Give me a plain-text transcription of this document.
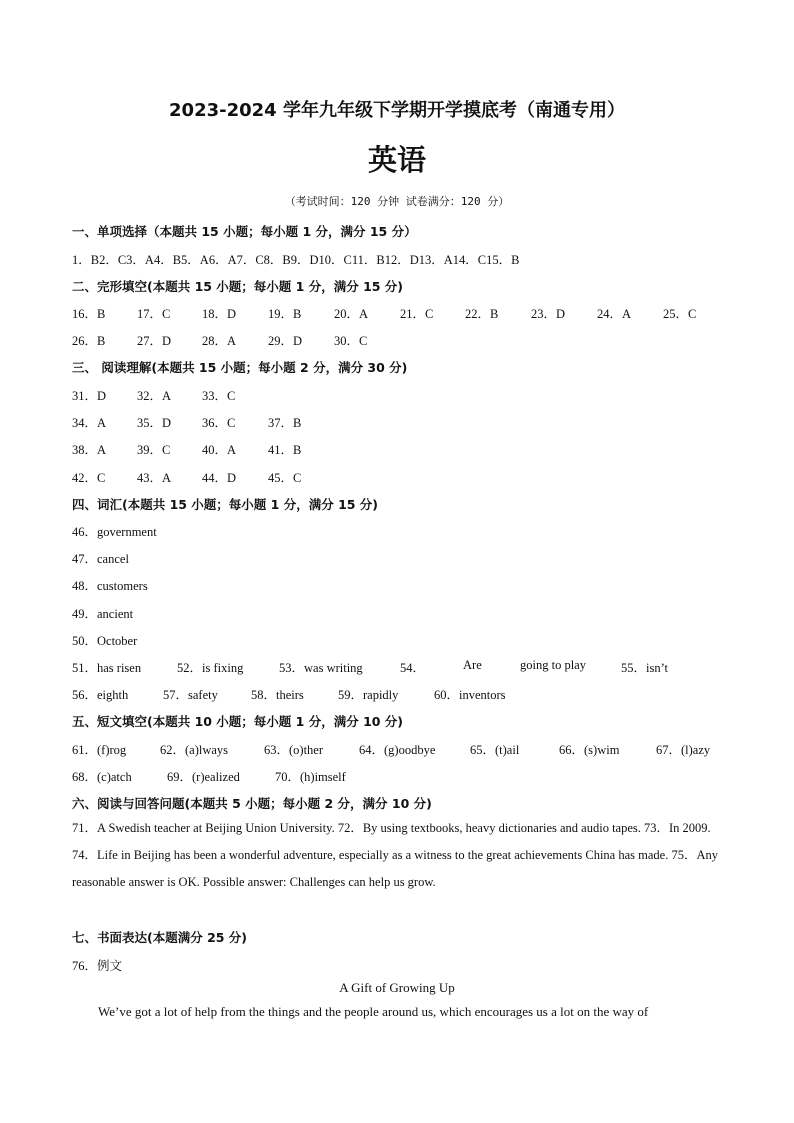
2023-2024 学年九年级下学期开学摸底考（南通专用）
英语
（考试时间：120 分钟 试卷满分：120 分）
一、单项选择（本题共 15 小题；每小题 1 分，满分 15 分）
1．B2．C3．A4．B5．A6．A7．C8．B9．D10．C11．B12．D13．A14．C15．B
二、完形填空(本题共 15 小题；每小题 1 分，满分 15 分)
16．B	17．C	18．D	19．B	20．A	21．C	22．B	23．D	24．A	25．C
26．B	27．D 28．A	29．D	30．C
三、 阅读理解(本题共 15 小题；每小题 2 分，满分 30 分)
31．D 32．A 33．C
34．A 35．D 36．C	37．B
38．A 39．C	40．A	41．B
42．C	43．A 44．D	45．C
四、词汇(本题共 15 小题；每小题 1 分，满分 15 分)
46．government
47．cancel
48．customers
49．ancient
50．October
51．has risen	52．is fixing	53．was writing	54．	Are	going to play	55．isn’t
56．eighth	57．safety	58．theirs	59．rapidly	60．inventors
五、短文填空(本题共 10 小题；每小题 1 分，满分 10 分)
61．(f)rog	62．(a)lways	63．(o)ther	64．(g)oodbye	65．(t)ail	66．(s)wim	67．(l)azy
68．(c)atch	69．(r)ealized	70．(h)imself
六、阅读与回答问题(本题共 5 小题；每小题 2 分，满分 10 分)
71．A Swedish teacher at Beijing Union University. 72．By using textbooks, heavy dictionaries and audio tapes. 73．In 2009. 74．Life in Beijing has been a wonderful adventure, especially as a witness to the great achievements China has made. 75．Any reasonable answer is OK. Possible answer: Challenges can help us grow.
七、书面表达(本题满分 25 分)
76．例文
A Gift of Growing Up
We’ve got a lot of help from the things and the people around us, which encourages us a lot on the way of
